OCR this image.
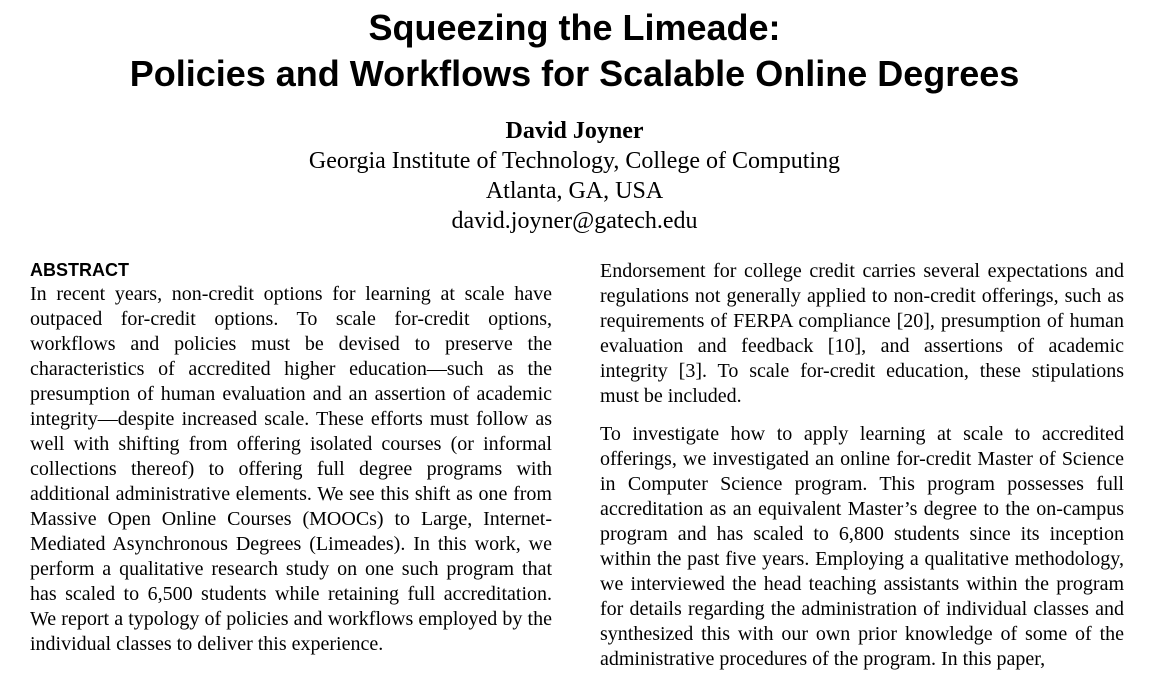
Squeezing the Limeade:
Policies and Workflows for Scalable Online Degrees
David Joyner
Georgia Institute of Technology, College of Computing
Atlanta, GA, USA
david.joyner@gatech.edu
ABSTRACT

In recent years, non-credit options for learning at scale have outpaced for-credit options. To scale for-credit options, workflows and policies must be devised to preserve the characteristics of accredited higher education—such as the presumption of human evaluation and an assertion of academic integrity—despite increased scale. These efforts must follow as well with shifting from offering isolated courses (or informal collections thereof) to offering full degree programs with additional administrative elements. We see this shift as one from Massive Open Online Courses (MOOCs) to Large, Internet-Mediated Asynchronous Degrees (Limeades). In this work, we perform a qualitative research study on one such program that has scaled to 6,500 students while retaining full accreditation. We report a typology of policies and workflows employed by the individual classes to deliver this experience.

Endorsement for college credit carries several expectations and regulations not generally applied to non-credit offerings, such as requirements of FERPA compliance [20], presumption of human evaluation and feedback [10], and assertions of academic integrity [3]. To scale for-credit education, these stipulations must be included.

To investigate how to apply learning at scale to accredited offerings, we investigated an online for-credit Master of Science in Computer Science program. This program possesses full accreditation as an equivalent Master’s degree to the on-campus program and has scaled to 6,800 students since its inception within the past five years. Employing a qualitative methodology, we interviewed the head teaching assistants within the program for details regarding the administration of individual classes and synthesized this with our own prior knowledge of some of the administrative procedures of the program. In this paper,
